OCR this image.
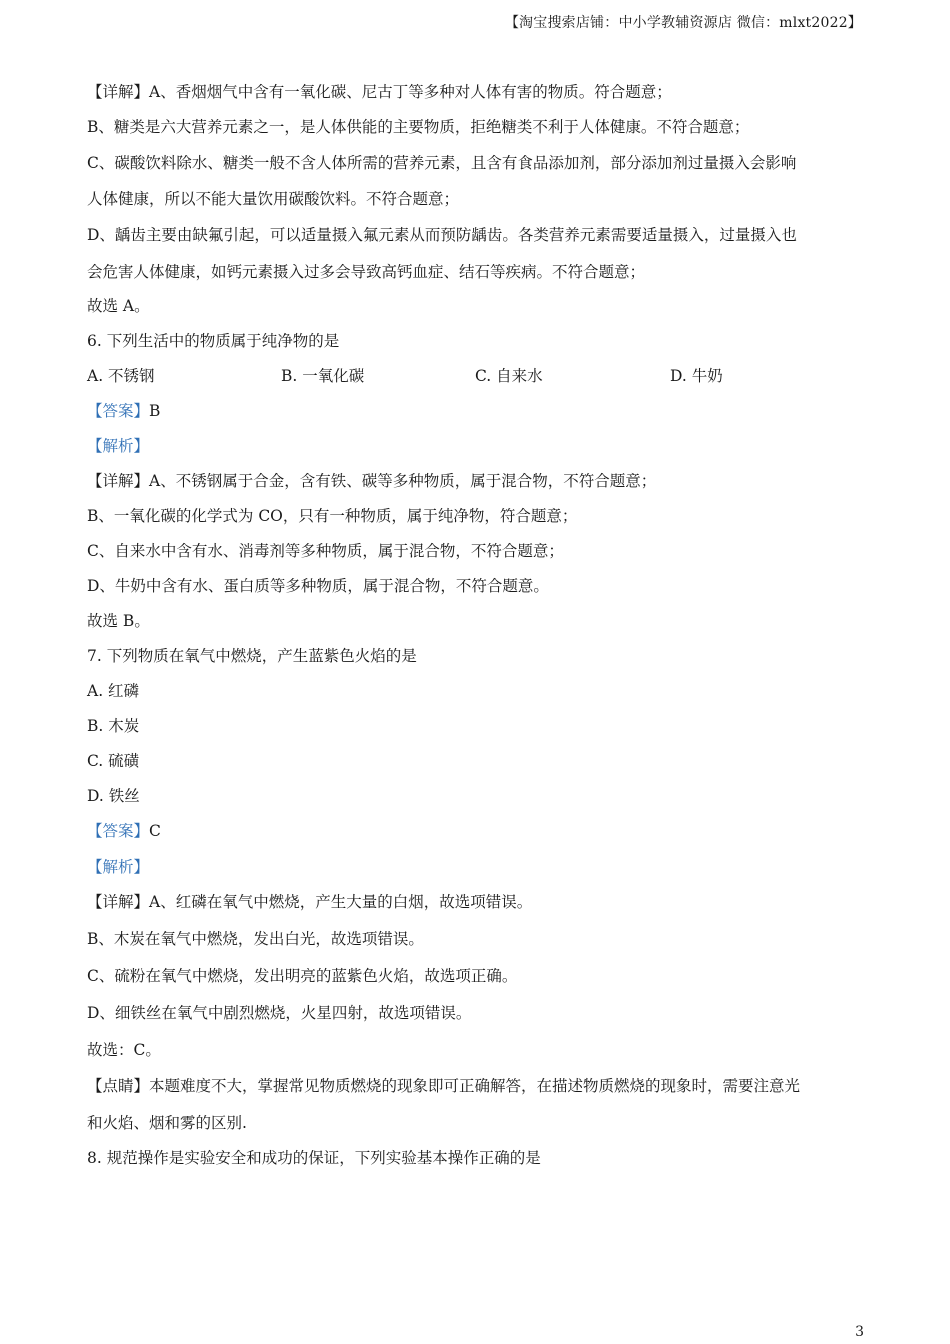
【淘宝搜索店铺：中小学教辅资源店 微信：mlxt2022】
【详解】A、香烟烟气中含有一氧化碳、尼古丁等多种对人体有害的物质。符合题意；
B、糖类是六大营养元素之一，是人体供能的主要物质，拒绝糖类不利于人体健康。不符合题意；
C、碳酸饮料除水、糖类一般不含人体所需的营养元素，且含有食品添加剂，部分添加剂过量摄入会影响
人体健康，所以不能大量饮用碳酸饮料。不符合题意；
D、龋齿主要由缺氟引起，可以适量摄入氟元素从而预防龋齿。各类营养元素需要适量摄入，过量摄入也
会危害人体健康，如钙元素摄入过多会导致高钙血症、结石等疾病。不符合题意；
故选 A。
6. 下列生活中的物质属于纯净物的是
A. 不锈钢	B. 一氧化碳	C. 自来水	D. 牛奶
【答案】B
【解析】
【详解】A、不锈钢属于合金，含有铁、碳等多种物质，属于混合物，不符合题意；
B、一氧化碳的化学式为 CO，只有一种物质，属于纯净物，符合题意；
C、自来水中含有水、消毒剂等多种物质，属于混合物，不符合题意；
D、牛奶中含有水、蛋白质等多种物质，属于混合物，不符合题意。
故选 B。
7. 下列物质在氧气中燃烧，产生蓝紫色火焰的是
A. 红磷
B. 木炭
C. 硫磺
D. 铁丝
【答案】C
【解析】
【详解】A、红磷在氧气中燃烧，产生大量的白烟，故选项错误。
B、木炭在氧气中燃烧，发出白光，故选项错误。
C、硫粉在氧气中燃烧，发出明亮的蓝紫色火焰，故选项正确。
D、细铁丝在氧气中剧烈燃烧，火星四射，故选项错误。
故选：C。
【点睛】本题难度不大，掌握常见物质燃烧的现象即可正确解答，在描述物质燃烧的现象时，需要注意光
和火焰、烟和雾的区别.
8. 规范操作是实验安全和成功的保证，下列实验基本操作正确的是
3
